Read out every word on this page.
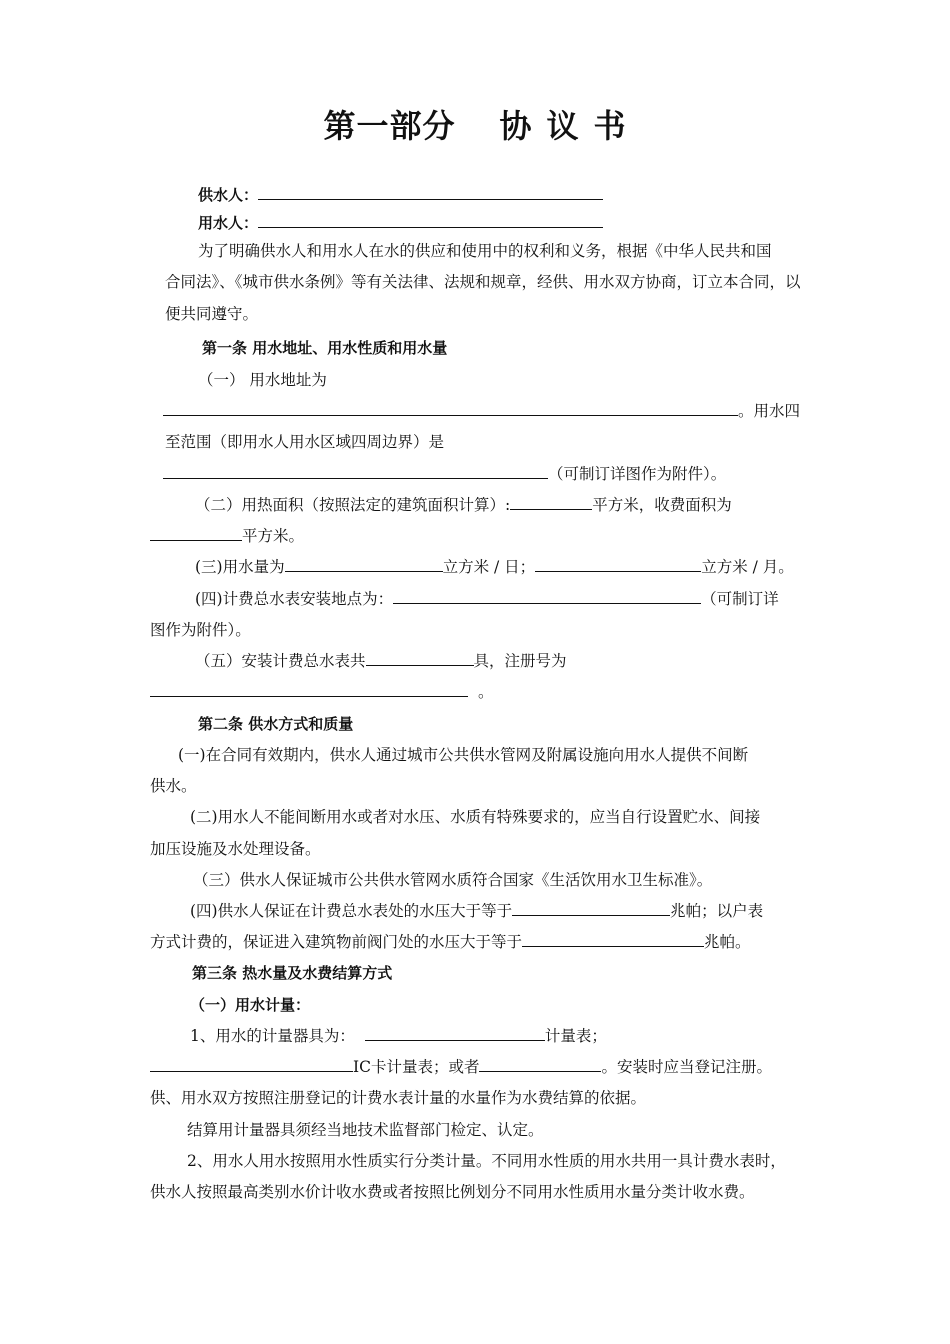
第一部分 协 议 书
供水人：
用水人：
为了明确供水人和用水人在水的供应和使用中的权利和义务，根据《中华人民共和国
合同法》、《城市供水条例》等有关法律、法规和规章，经供、用水双方协商，订立本合同，以
便共同遵守。
第一条 用水地址、用水性质和用水量
（一） 用水地址为
。用水四
至范围（即用水人用水区域四周边界）是
（可制订详图作为附件）。
（二）用热面积（按照法定的建筑面积计算）:	平方米，收费面积为
平方米。
(三)用水量为	立方米 / 日；	立方米 / 月。
(四)计费总水表安装地点为：	（可制订详
图作为附件）。
（五）安装计费总水表共	具，注册号为
。
第二条 供水方式和质量
(一)在合同有效期内，供水人通过城市公共供水管网及附属设施向用水人提供不间断
供水。
(二)用水人不能间断用水或者对水压、水质有特殊要求的，应当自行设置贮水、间接
加压设施及水处理设备。
（三）供水人保证城市公共供水管网水质符合国家《生活饮用水卫生标准》。
(四)供水人保证在计费总水表处的水压大于等于	兆帕；以户表
方式计费的，保证进入建筑物前阀门处的水压大于等于	兆帕。
第三条 热水量及水费结算方式
（一）用水计量：
1、用水的计量器具为：	计量表；
IC卡计量表；或者	。安装时应当登记注册。
供、用水双方按照注册登记的计费水表计量的水量作为水费结算的依据。
结算用计量器具须经当地技术监督部门检定、认定。
2、用水人用水按照用水性质实行分类计量。不同用水性质的用水共用一具计费水表时，
供水人按照最高类别水价计收水费或者按照比例划分不同用水性质用水量分类计收水费。
